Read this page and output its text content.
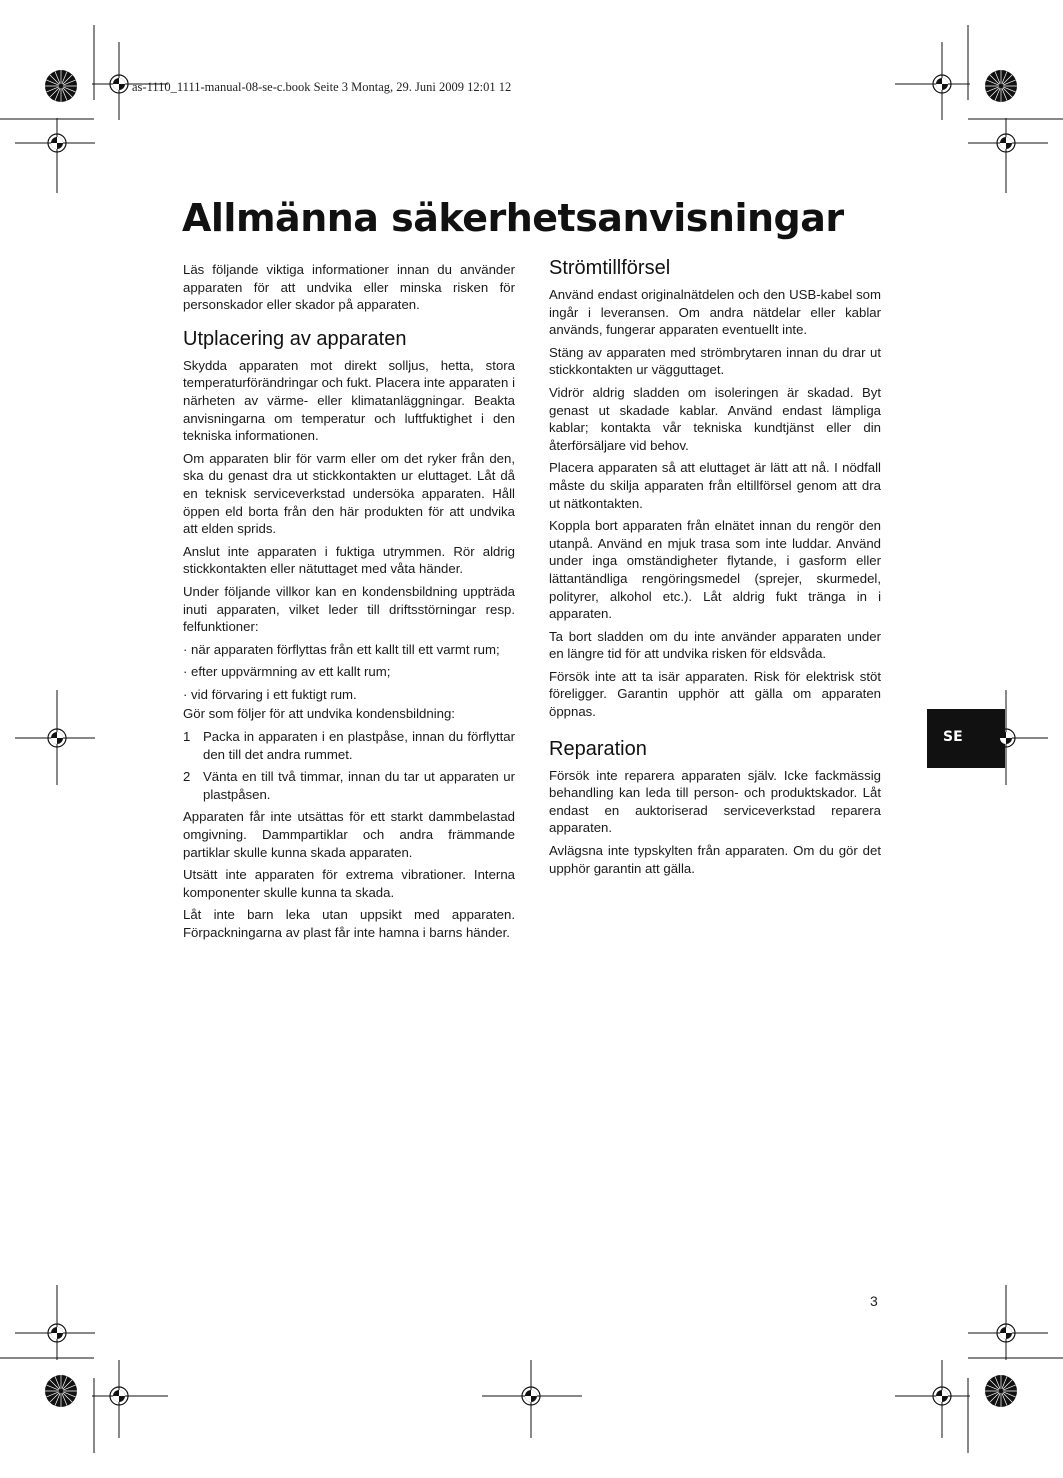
as-1110_1111-manual-08-se-c.book Seite 3 Montag, 29. Juni 2009 12:01 12
Allmänna säkerhetsanvisningar

Läs följande viktiga informationer innan du använder apparaten för att undvika eller minska risken för personskador eller skador på apparaten.

Utplacering av apparaten

Skydda apparaten mot direkt solljus, hetta, stora temperaturförändringar och fukt. Placera inte apparaten i närheten av värme- eller klimatanläggningar. Beakta anvisningarna om temperatur och luftfuktighet i den tekniska informationen.

Om apparaten blir för varm eller om det ryker från den, ska du genast dra ut stickkontakten ur eluttaget. Låt då en teknisk serviceverkstad undersöka apparaten. Håll öppen eld borta från den här produkten för att undvika att elden sprids.

Anslut inte apparaten i fuktiga utrymmen. Rör aldrig stickkontakten eller nätuttaget med våta händer.

Under följande villkor kan en kondensbildning uppträda inuti apparaten, vilket leder till driftsstörningar resp. felfunktioner:

· när apparaten förflyttas från ett kallt till ett varmt rum;

· efter uppvärmning av ett kallt rum;

· vid förvaring i ett fuktigt rum.

Gör som följer för att undvika kondensbildning:

1 Packa in apparaten i en plastpåse, innan du förflyttar den till det andra rummet.
2 Vänta en till två timmar, innan du tar ut apparaten ur plastpåsen.

Apparaten får inte utsättas för ett starkt dammbelastad omgivning. Dammpartiklar och andra främmande partiklar skulle kunna skada apparaten.

Utsätt inte apparaten för extrema vibrationer. Interna komponenter skulle kunna ta skada.

Låt inte barn leka utan uppsikt med apparaten. Förpackningarna av plast får inte hamna i barns händer.

Strömtillförsel

Använd endast originalnätdelen och den USB-kabel som ingår i leveransen. Om andra nätdelar eller kablar används, fungerar apparaten eventuellt inte.

Stäng av apparaten med strömbrytaren innan du drar ut stickkontakten ur vägguttaget.

Vidrör aldrig sladden om isoleringen är skadad. Byt genast ut skadade kablar. Använd endast lämpliga kablar; kontakta vår tekniska kundtjänst eller din återförsäljare vid behov.

Placera apparaten så att eluttaget är lätt att nå. I nödfall måste du skilja apparaten från eltillförsel genom att dra ut nätkontakten.

Koppla bort apparaten från elnätet innan du rengör den utanpå. Använd en mjuk trasa som inte luddar. Använd under inga omständigheter flytande, i gasform eller lättantändliga rengöringsmedel (sprejer, skurmedel, polityrer, alkohol etc.). Låt aldrig fukt tränga in i apparaten.

Ta bort sladden om du inte använder apparaten under en längre tid för att undvika risken för eldsvåda.

Försök inte att ta isär apparaten. Risk för elektrisk stöt föreligger. Garantin upphör att gälla om apparaten öppnas.

Reparation

Försök inte reparera apparaten själv. Icke fackmässig behandling kan leda till person- och produktskador. Låt endast en auktoriserad serviceverkstad reparera apparaten.

Avlägsna inte typskylten från apparaten. Om du gör det upphör garantin att gälla.

SE
3
